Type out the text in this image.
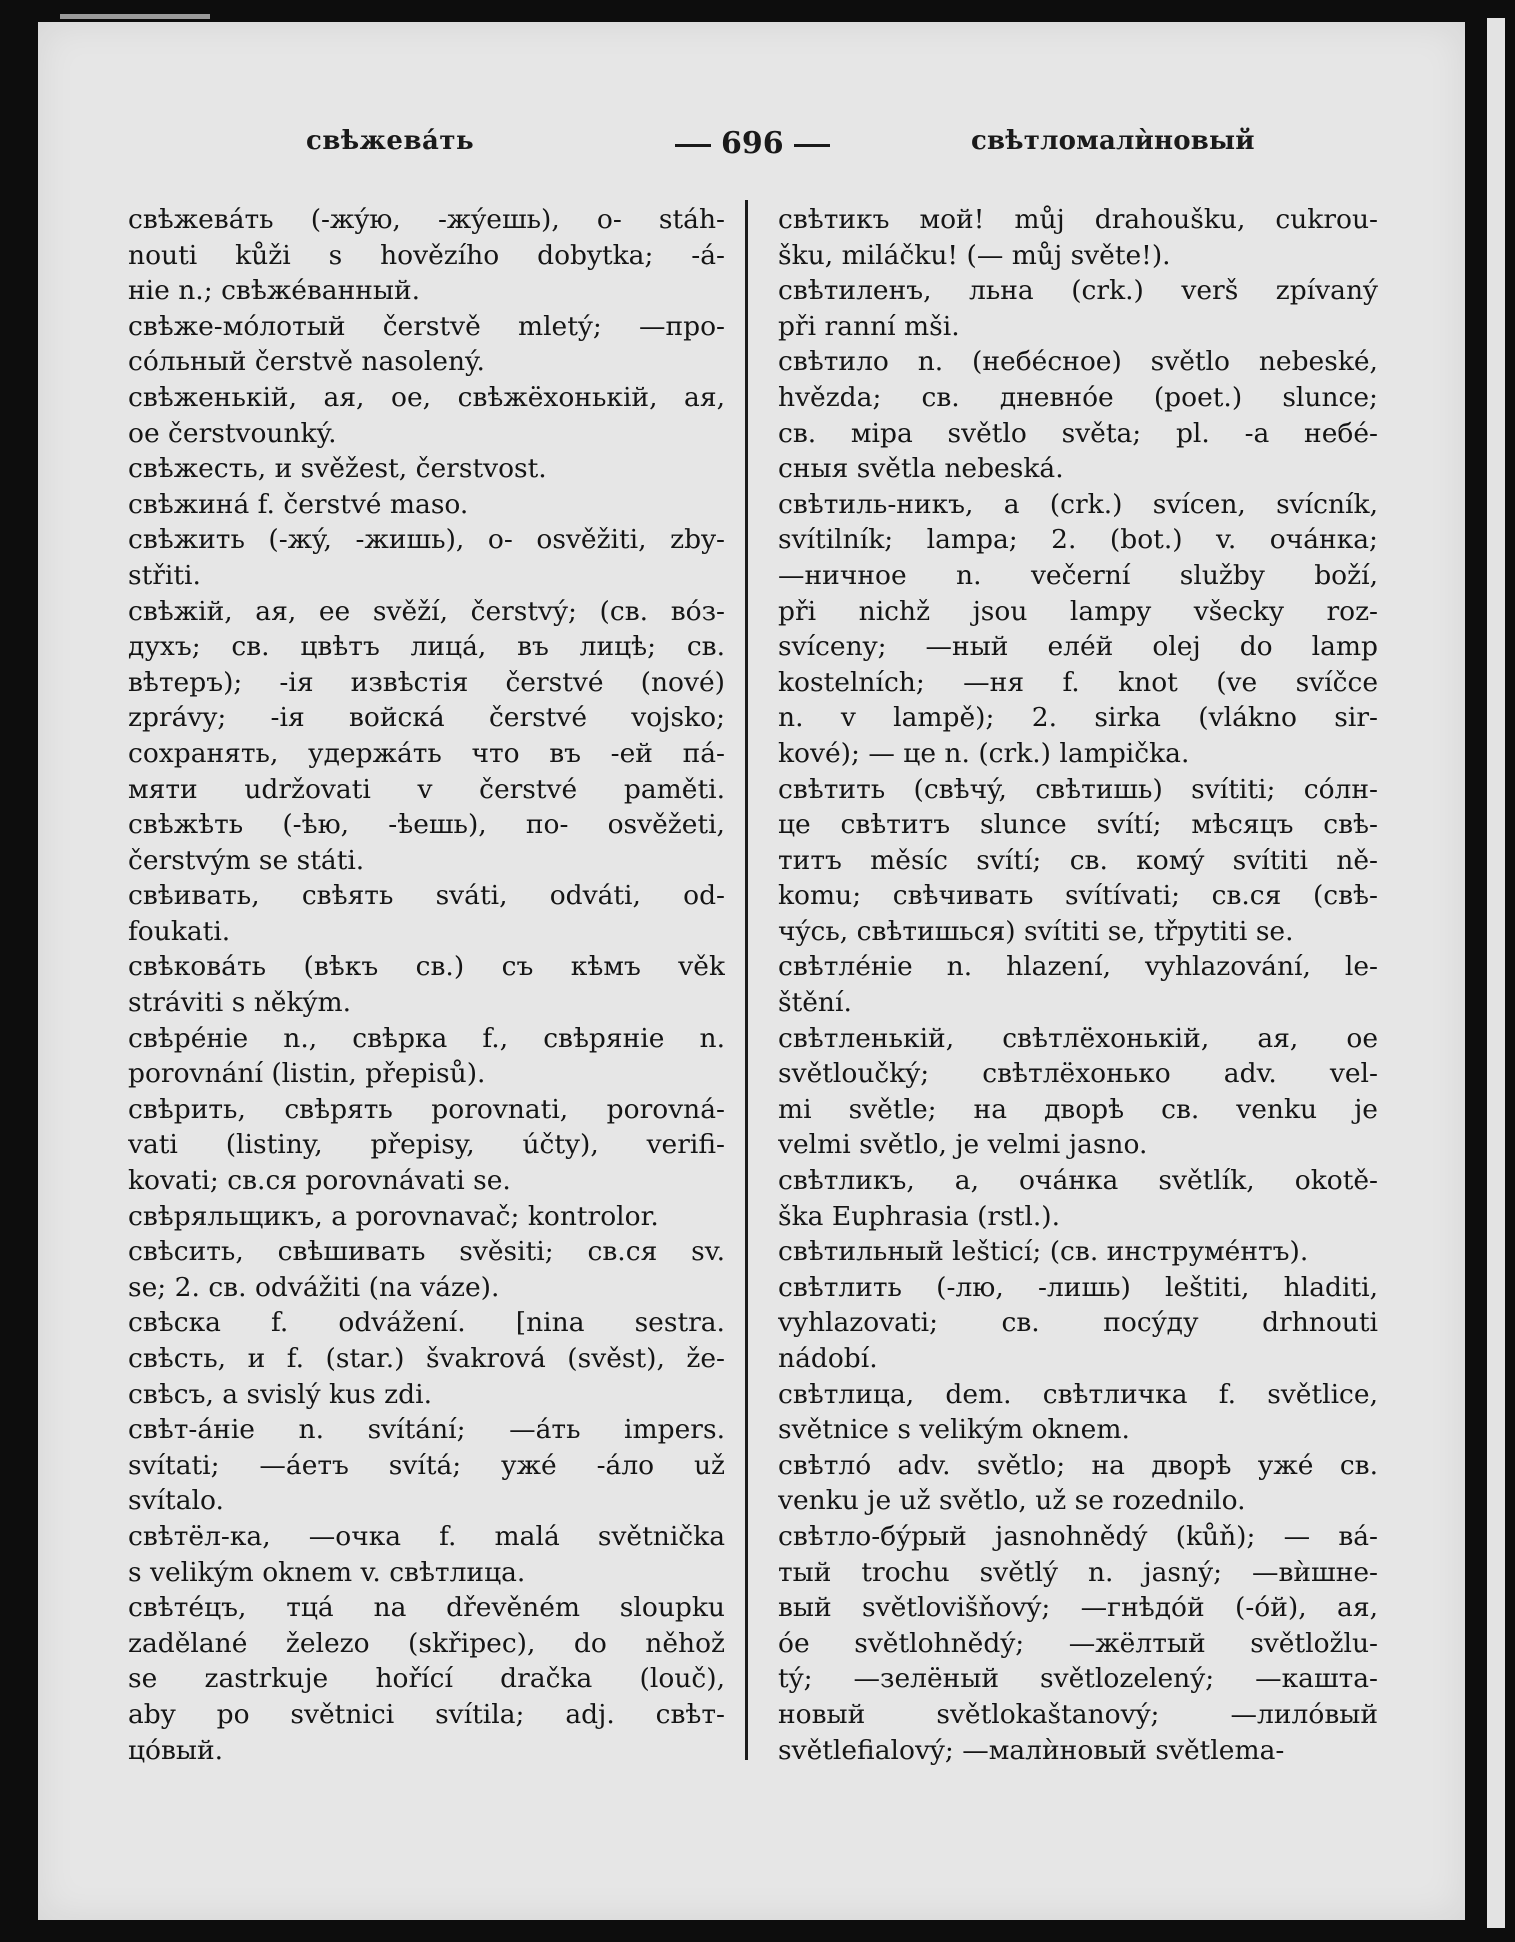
свѣжевáть	696	свѣтломалѝновый
свѣжевáть (-жýю, -жýешь), о- stáh-
nouti kůži s hovězího dobytka; -á-
ніе n.; свѣжéванный.
свѣже-мóлотый čerstvě mletý; —про-
сóльный čerstvě nasolený.
свѣженькій, ая, ое, свѣжёхонькій, ая,
ое čerstvounký.
свѣжесть, и svěžest, čerstvost.
свѣжинá f. čerstvé maso.
свѣжить (-жý, -жишь), о- osvěžiti, zby-
střiti.
свѣжій, ая, ее svěží, čerstvý; (св. вóз-
духъ; св. цвѣтъ лицá, въ лицѣ; св.
вѣтеръ); -ія извѣстія čerstvé (nové)
zprávy; -ія войскá čerstvé vojsko;
сохранять, удержáть что въ -ей пá-
мяти udržovati v čerstvé paměti.
свѣжѣть (-ѣю, -ѣешь), по- osvěžeti,
čerstvým se státi.
свѣивать, свѣять sváti, odváti, od-
foukati.
свѣковáть (вѣкъ св.) съ кѣмъ věk
stráviti s někým.
свѣрéніе n., свѣрка f., свѣряніе n.
porovnání (listin, přepisů).
свѣрить, свѣрять porovnati, porovná-
vati (listiny, přepisy, účty), verifi-
kovati; св.ся porovnávati se.
свѣряльщикъ, а porovnavač; kontrolor.
свѣсить, свѣшивать svěsiti; св.ся sv.
se; 2. св. odvážiti (na váze).
свѣска f. odvážení. [nina sestra.
свѣсть, и f. (star.) švakrová (svěst), že-
свѣсъ, а svislý kus zdi.
свѣт-áніе n. svítání; —áть impers.
svítati; —áетъ svítá; ужé -áло už
svítalo.
свѣтёл-ка, —очка f. malá světnička
s velikým oknem v. свѣтлица.
свѣтéцъ, тцá na dřevěném sloupku
zadělané železo (skřipec), do něhož
se zastrkuje hořící dračka (louč),
aby po světnici svítila; adj. свѣт-
цóвый.
свѣтикъ мой! můj drahoušku, cukrou-
šku, miláčku! (— můj světe!).
свѣтиленъ, льна (crk.) verš zpívaný
při ranní mši.
свѣтило n. (небéсное) světlo nebeské,
hvězda; св. дневнóе (poet.) slunce;
св. міра světlo světa; pl. -а небé-
сныя světla nebeská.
свѣтиль-никъ, а (crk.) svícen, svícník,
svítilník; lampa; 2. (bot.) v. очáнка;
—ничное n. večerní služby boží,
při nichž jsou lampy všecky roz-
svíceny; —ный елéй olej do lamp
kostelních; —ня f. knot (ve svíčce
n. v lampě); 2. sirka (vlákno sir-
kové); — це n. (crk.) lampička.
свѣтить (свѣчý, свѣтишь) svítiti; сóлн-
це свѣтитъ slunce svítí; мѣсяцъ свѣ-
титъ měsíc svítí; св. комý svítiti ně-
komu; свѣчивать svítívati; св.ся (свѣ-
чýсь, свѣтишься) svítiti se, třpytiti se.
свѣтлéніе n. hlazení, vyhlazování, le-
štění.
свѣтленькій, свѣтлёхонькій, ая, ое
světloučký; свѣтлёхонько adv. vel-
mi světle; на дворѣ св. venku je
velmi světlo, je velmi jasno.
свѣтликъ, а, очáнка světlík, okotě-
ška Euphrasia (rstl.).
свѣтильный lešticí; (св. инструмéнтъ).
свѣтлить (-лю, -лишь) leštiti, hladiti,
vyhlazovati; св. посýду drhnouti
nádobí.
свѣтлица, dem. свѣтличка f. světlice,
světnice s velikým oknem.
свѣтлó adv. světlo; на дворѣ ужé св.
venku je už světlo, už se rozednilo.
свѣтло-бýрый jasnohnědý (kůň); — вá-
тый trochu světlý n. jasný; —вѝшне-
вый světlovišňový; —гнѣдóй (-óй), ая,
óе světlohnědý; —жёлтый světložlu-
tý; —зелёный světlozelený; —кашта-
новый světlokaštanový; —лилóвый
světlefialový; —малѝновый světlema-
